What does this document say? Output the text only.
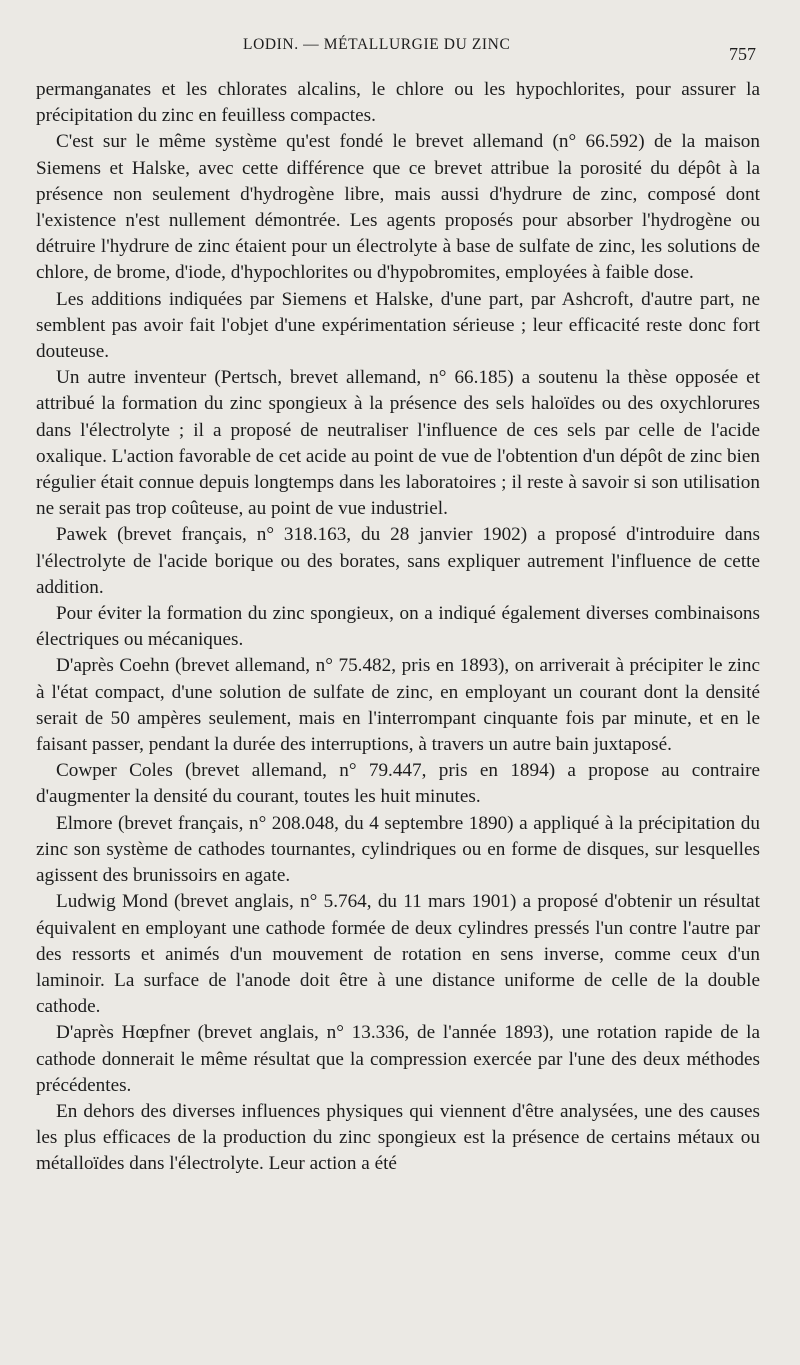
LODIN. — MÉTALLURGIE DU ZINC	757

permanganates et les chlorates alcalins, le chlore ou les hypochlorites, pour assurer la précipitation du zinc en feuilless compactes.

C'est sur le même système qu'est fondé le brevet allemand (n° 66.592) de la maison Siemens et Halske, avec cette différence que ce brevet attribue la porosité du dépôt à la présence non seulement d'hydrogène libre, mais aussi d'hydrure de zinc, composé dont l'existence n'est nullement démontrée. Les agents proposés pour absorber l'hydrogène ou détruire l'hydrure de zinc étaient pour un électrolyte à base de sulfate de zinc, les solutions de chlore, de brome, d'iode, d'hypochlorites ou d'hypobromites, employées à faible dose.

Les additions indiquées par Siemens et Halske, d'une part, par Ashcroft, d'autre part, ne semblent pas avoir fait l'objet d'une expérimentation sérieuse ; leur efficacité reste donc fort douteuse.

Un autre inventeur (Pertsch, brevet allemand, n° 66.185) a soutenu la thèse opposée et attribué la formation du zinc spongieux à la présence des sels haloïdes ou des oxychlorures dans l'électrolyte ; il a proposé de neutraliser l'influence de ces sels par celle de l'acide oxalique. L'action favorable de cet acide au point de vue de l'obtention d'un dépôt de zinc bien régulier était connue depuis longtemps dans les laboratoires ; il reste à savoir si son utilisation ne serait pas trop coûteuse, au point de vue industriel.

Pawek (brevet français, n° 318.163, du 28 janvier 1902) a proposé d'introduire dans l'électrolyte de l'acide borique ou des borates, sans expliquer autrement l'influence de cette addition.

Pour éviter la formation du zinc spongieux, on a indiqué également diverses combinaisons électriques ou mécaniques.

D'après Coehn (brevet allemand, n° 75.482, pris en 1893), on arriverait à précipiter le zinc à l'état compact, d'une solution de sulfate de zinc, en employant un courant dont la densité serait de 50 ampères seulement, mais en l'interrompant cinquante fois par minute, et en le faisant passer, pendant la durée des interruptions, à travers un autre bain juxtaposé.

Cowper Coles (brevet allemand, n° 79.447, pris en 1894) a propose au contraire d'augmenter la densité du courant, toutes les huit minutes.

Elmore (brevet français, n° 208.048, du 4 septembre 1890) a appliqué à la précipitation du zinc son système de cathodes tournantes, cylindriques ou en forme de disques, sur lesquelles agissent des brunissoirs en agate.

Ludwig Mond (brevet anglais, n° 5.764, du 11 mars 1901) a proposé d'obtenir un résultat équivalent en employant une cathode formée de deux cylindres pressés l'un contre l'autre par des ressorts et animés d'un mouvement de rotation en sens inverse, comme ceux d'un laminoir. La surface de l'anode doit être à une distance uniforme de celle de la double cathode.

D'après Hœpfner (brevet anglais, n° 13.336, de l'année 1893), une rotation rapide de la cathode donnerait le même résultat que la compression exercée par l'une des deux méthodes précédentes.

En dehors des diverses influences physiques qui viennent d'être analysées, une des causes les plus efficaces de la production du zinc spongieux est la présence de certains métaux ou métalloïdes dans l'électrolyte. Leur action a été
